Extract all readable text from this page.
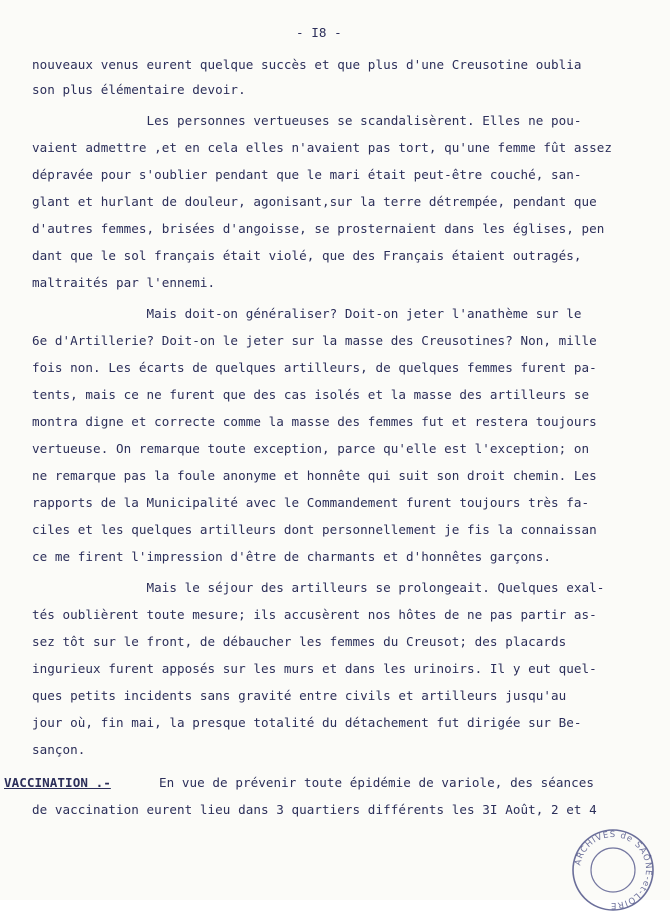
- I8 -
nouveaux venus eurent quelque succès et que plus d'une Creusotine oublia
son plus élémentaire devoir.
Les personnes vertueuses se scandalisèrent. Elles ne pou-
vaient admettre ,et en cela elles n'avaient pas tort, qu'une femme fût assez
dépravée pour s'oublier pendant que le mari était peut-être couché, san-
glant et hurlant de douleur, agonisant,sur la terre détrempée, pendant que
d'autres femmes, brisées d'angoisse, se prosternaient dans les églises, pen
dant que le sol français était violé, que des Français étaient outragés,
maltraités par l'ennemi.
Mais doit-on généraliser? Doit-on jeter l'anathème sur le
6e d'Artillerie? Doit-on le jeter sur la masse des Creusotines? Non, mille
fois non. Les écarts de quelques artilleurs, de quelques femmes furent pa-
tents, mais ce ne furent que des cas isolés et la masse des artilleurs se
montra digne et correcte comme la masse des femmes fut et restera toujours
vertueuse. On remarque toute exception, parce qu'elle est l'exception; on
ne remarque pas la foule anonyme et honnête qui suit son droit chemin. Les
rapports de la Municipalité avec le Commandement furent toujours très fa-
ciles et les quelques artilleurs dont personnellement je fis la connaissan
ce me firent l'impression d'être de charmants et d'honnêtes garçons.
Mais le séjour des artilleurs se prolongeait. Quelques exal-
tés oublièrent toute mesure; ils accusèrent nos hôtes de ne pas partir as-
sez tôt sur le front, de débaucher les femmes du Creusot; des placards
ingurieux furent apposés sur les murs et dans les urinoirs. Il y eut quel-
ques petits incidents sans gravité entre civils et artilleurs jusqu'au
jour où, fin mai, la presque totalité du détachement fut dirigée sur Be-
sançon.
VACCINATION .-	En vue de prévenir toute épidémie de variole, des séances
de vaccination eurent lieu dans 3 quartiers différents les 3I Août, 2 et 4
ARCHIVES de SAÔNE-et-LOIRE
